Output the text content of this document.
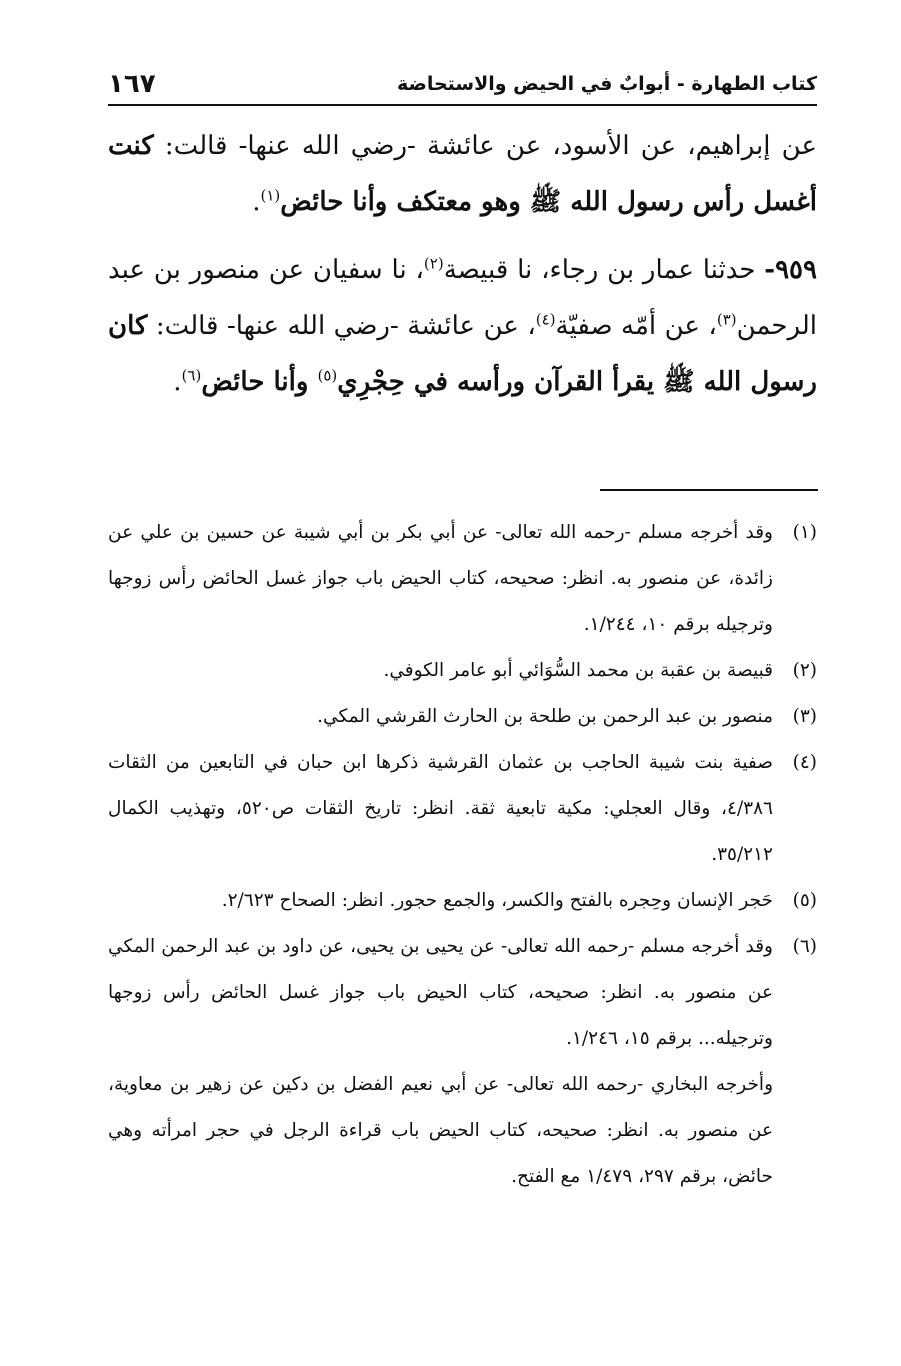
كتاب الطهارة - أبوابٌ في الحيض والاستحاضة
١٦٧

عن إبراهيم، عن الأسود، عن عائشة -رضي الله عنها- قالت: كنت أغسل رأس رسول الله ﷺ وهو معتكف وأنا حائض$^{(١)}$.

٩٥٩- حدثنا عمار بن رجاء، نا قبيصة$^{(٢)}$، نا سفيان عن منصور بن عبد الرحمن$^{(٣)}$، عن أمّه صفيّة$^{(٤)}$، عن عائشة -رضي الله عنها- قالت: كان رسول الله ﷺ يقرأ القرآن ورأسه في حِجْرِي$^{(٥)}$ وأنا حائض$^{(٦)}$.

(١)
وقد أخرجه مسلم -رحمه الله تعالى- عن أبي بكر بن أبي شيبة عن حسين بن علي عن زائدة، عن منصور به. انظر: صحيحه، كتاب الحيض باب جواز غسل الحائض رأس زوجها وترجيله برقم ١٠، ١/٢٤٤.

(٢)
قبيصة بن عقبة بن محمد السُّوَائي أبو عامر الكوفي.

(٣)
منصور بن عبد الرحمن بن طلحة بن الحارث القرشي المكي.

(٤)
صفية بنت شيبة الحاجب بن عثمان القرشية ذكرها ابن حبان في التابعين من الثقات ٤/٣٨٦، وقال العجلي: مكية تابعية ثقة. انظر: تاريخ الثقات ص٥٢٠، وتهذيب الكمال ٣٥/٢١٢.

(٥)
حَجر الإنسان وحِجره بالفتح والكسر، والجمع حجور. انظر: الصحاح ٢/٦٢٣.

(٦)
وقد أخرجه مسلم -رحمه الله تعالى- عن يحيى بن يحيى، عن داود بن عبد الرحمن المكي عن منصور به. انظر: صحيحه، كتاب الحيض باب جواز غسل الحائض رأس زوجها وترجيله... برقم ١٥، ١/٢٤٦.

وأخرجه البخاري -رحمه الله تعالى- عن أبي نعيم الفضل بن دكين عن زهير بن معاوية، عن منصور به. انظر: صحيحه، كتاب الحيض باب قراءة الرجل في حجر امرأته وهي حائض، برقم ٢٩٧، ١/٤٧٩ مع الفتح.
